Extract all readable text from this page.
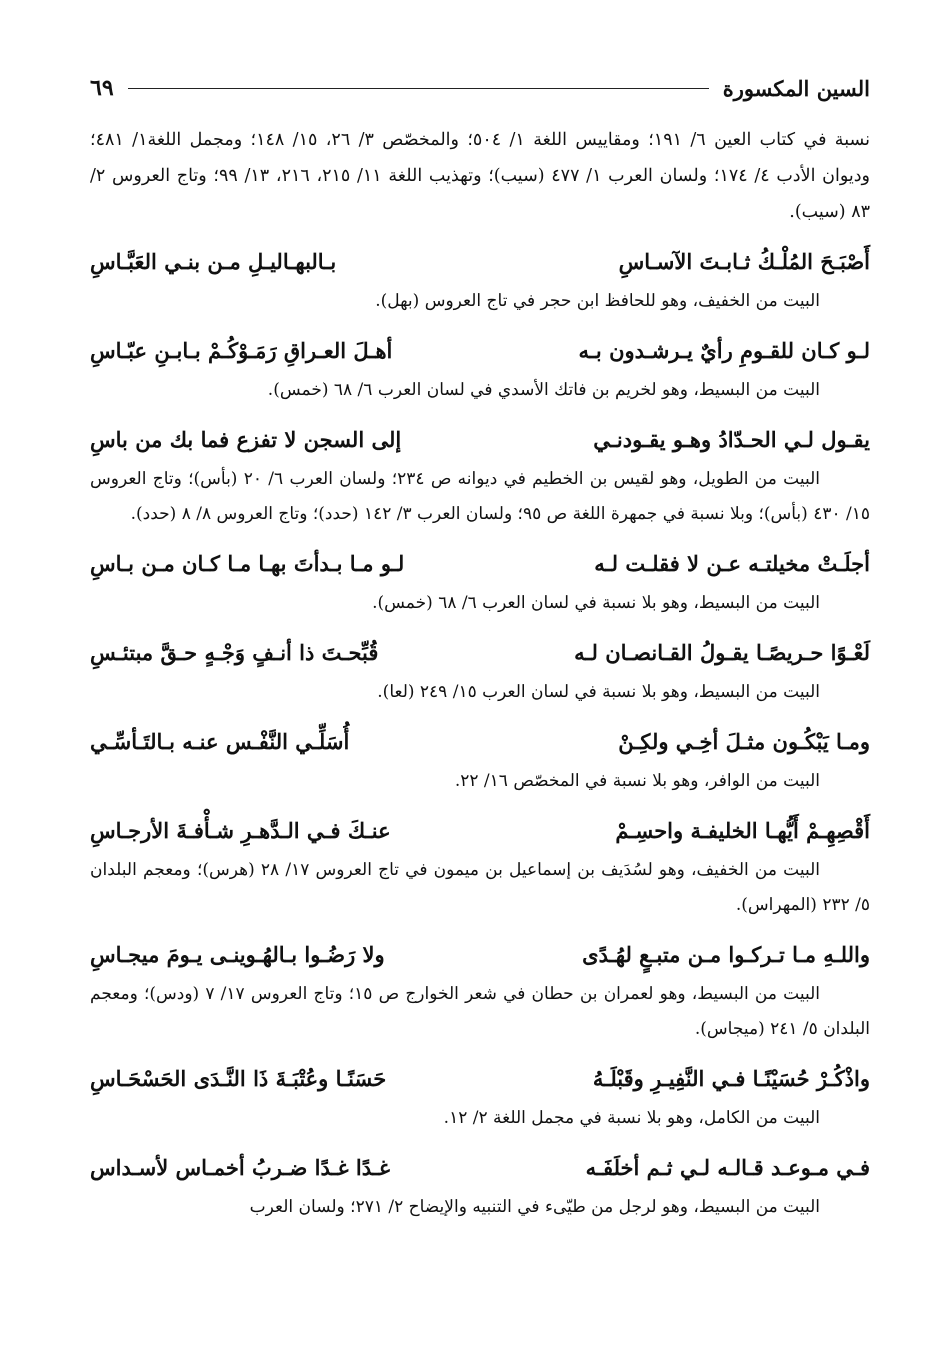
السين المكسورة
٦٩

نسبة في كتاب العين ٦/ ١٩١؛ ومقاييس اللغة ١/ ٥٠٤؛ والمخصّص ٣/ ٢٦، ١٥/ ١٤٨؛ ومجمل اللغة١/ ٤٨١؛ وديوان الأدب ٤/ ١٧٤؛ ولسان العرب ١/ ٤٧٧ (سيب)؛ وتهذيب اللغة ١١/ ٢١٥، ٢١٦، ١٣/ ٩٩؛ وتاج العروس ٢/ ٨٣ (سيب).

أَصْبَـحَ المُلْـكُ ثـابـتَ الآسـاسِ
بـالبهـاليـلِ مـن بنـي العَبَّـاسِ
البيت من الخفيف، وهو للحافظ ابن حجر في تاج العروس (بهل).
لـو كـان للقـومِ رأيٌ يـرشـدون بـه
أهـلَ العـراقِ رَمَـوْكُـمْ بـابـنِ عبّـاسِ
البيت من البسيط، وهو لخريم بن فاتك الأسدي في لسان العرب ٦/ ٦٨ (خمس).
يقـول لـي الحـدّادُ وهـو يقـودنـي
إلى السجن لا تفزع فما بك من باسِ
البيت من الطويل، وهو لقيس بن الخطيم في ديوانه ص ٢٣٤؛ ولسان العرب ٦/ ٢٠ (بأس)؛ وتاج العروس ١٥/ ٤٣٠ (بأس)؛ وبلا نسبة في جمهرة اللغة ص ٩٥؛ ولسان العرب ٣/ ١٤٢ (حدد)؛ وتاج العروس ٨/ ٨ (حدد).
أجلَـتْ مخيلتـه عـن لا فقلـت لـه
لـو مـا بـدأتَ بهـا مـا كـان مـن بـاسِ
البيت من البسيط، وهو بلا نسبة في لسان العرب ٦/ ٦٨ (خمس).
لَعْـوًا حـريصًـا يقـولُ القـانصـان لـه
قُبِّحـتَ ذا أنـفٍ وَجْـهٍ حـقَّ مبتئـسِ
البيت من البسيط، وهو بلا نسبة في لسان العرب ١٥/ ٢٤٩ (لعا).
ومـا يَبْكُـون مثـلَ أخِـي ولكِـنْ
أُسَلِّـي النَّفْـس عنـه بـالتَـأسِّـي
البيت من الوافر، وهو بلا نسبة في المخصّص ١٦/ ٢٢.
أَقْصِهِـمْ أَيُّهـا الخليفـة واحسِـمْ
عنـكَ فـي الـدَّهـرِ شـأْفـةَ الأرجـاسِ
البيت من الخفيف، وهو لسُدَيف بن إسماعيل بن ميمون في تاج العروس ١٧/ ٢٨ (هرس)؛ ومعجم البلدان ٥/ ٢٣٢ (المهراس).
واللـهِ مـا تـركـوا مـن متبـعٍ لهُـدًى
ولا رَضُـوا بـالهُـوينـى يـومَ ميجـاسِ
البيت من البسيط، وهو لعمران بن حطان في شعر الخوارج ص ١٥؛ وتاج العروس ١٧/ ٧ (ودس)؛ ومعجم البلدان ٥/ ٢٤١ (ميجاس).
واذْكُـرْ حُسَيْنًـا فـي النَّفِيـرِ وقَبْلَـهُ
حَسَنًـا وعُتْبَـةَ ذَا النَّـدَى الحَسْحَـاسِ
البيت من الكامل، وهو بلا نسبة في مجمل اللغة ٢/ ١٢.
فـي مـوعـد قـالـه لـي ثـم أخلَفَـه
غـدًا غـدًا ضـربُ أخمـاس لأسـداس
البيت من البسيط، وهو لرجل من طيّىء في التنبيه والإيضاح ٢/ ٢٧١؛ ولسان العرب
